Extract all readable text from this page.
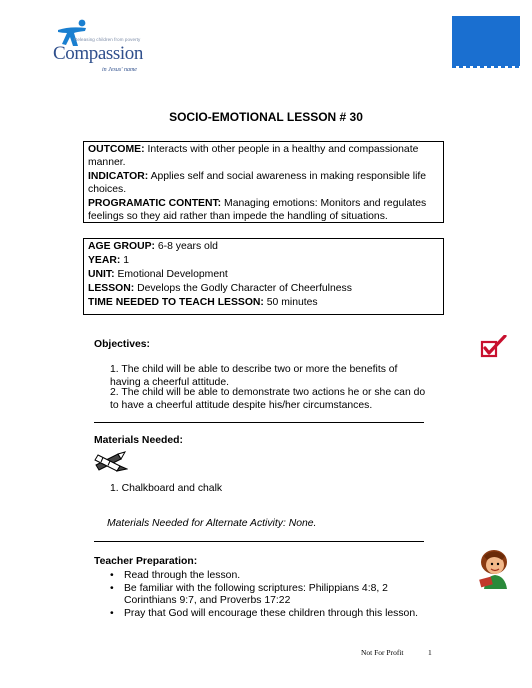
Releasing children from poverty
Compassion
in Jesus' name
SOCIO-EMOTIONAL LESSON # 30
OUTCOME: Interacts with other people in a healthy and compassionate manner.
INDICATOR: Applies self and social awareness in making responsible life choices.
PROGRAMATIC CONTENT: Managing emotions: Monitors and regulates feelings so they aid rather than impede the handling of situations.
AGE GROUP: 6-8 years old
YEAR: 1
UNIT: Emotional Development
LESSON: Develops the Godly Character of Cheerfulness
TIME NEEDED TO TEACH LESSON: 50 minutes
Objectives:
1. The child will be able to describe two or more the benefits of having a cheerful attitude.
2. The child will be able to demonstrate two actions he or she can do to have a cheerful attitude despite his/her circumstances.
Materials Needed:
1. Chalkboard and chalk
Materials Needed for Alternate Activity: None.
Teacher Preparation:
• Read through the lesson.
• Be familiar with the following scriptures: Philippians 4:8, 2 Corinthians 9:7, and Proverbs 17:22
• Pray that God will encourage these children through this lesson.
Not For Profit	1
